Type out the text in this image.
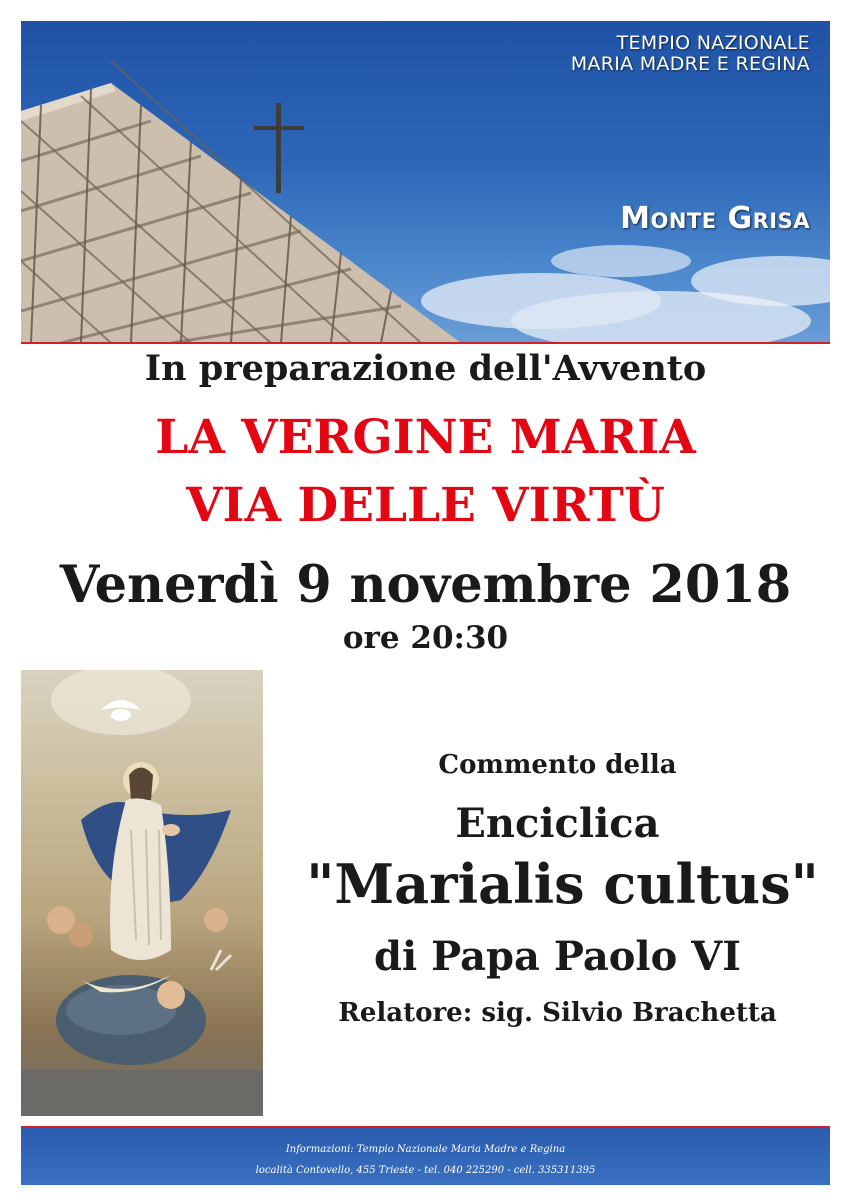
TEMPIO NAZIONALE
MARIA MADRE E REGINA
Monte Grisa
In preparazione dell'Avvento
LA VERGINE MARIA
VIA DELLE VIRTÙ
Venerdì 9 novembre 2018
ore 20:30
Commento della
Enciclica
"Marialis cultus"
di Papa Paolo VI
Relatore: sig. Silvio Brachetta
Informazioni: Tempio Nazionale Maria Madre e Regina
località Contovello, 455 Trieste - tel. 040 225290 - cell. 335311395
